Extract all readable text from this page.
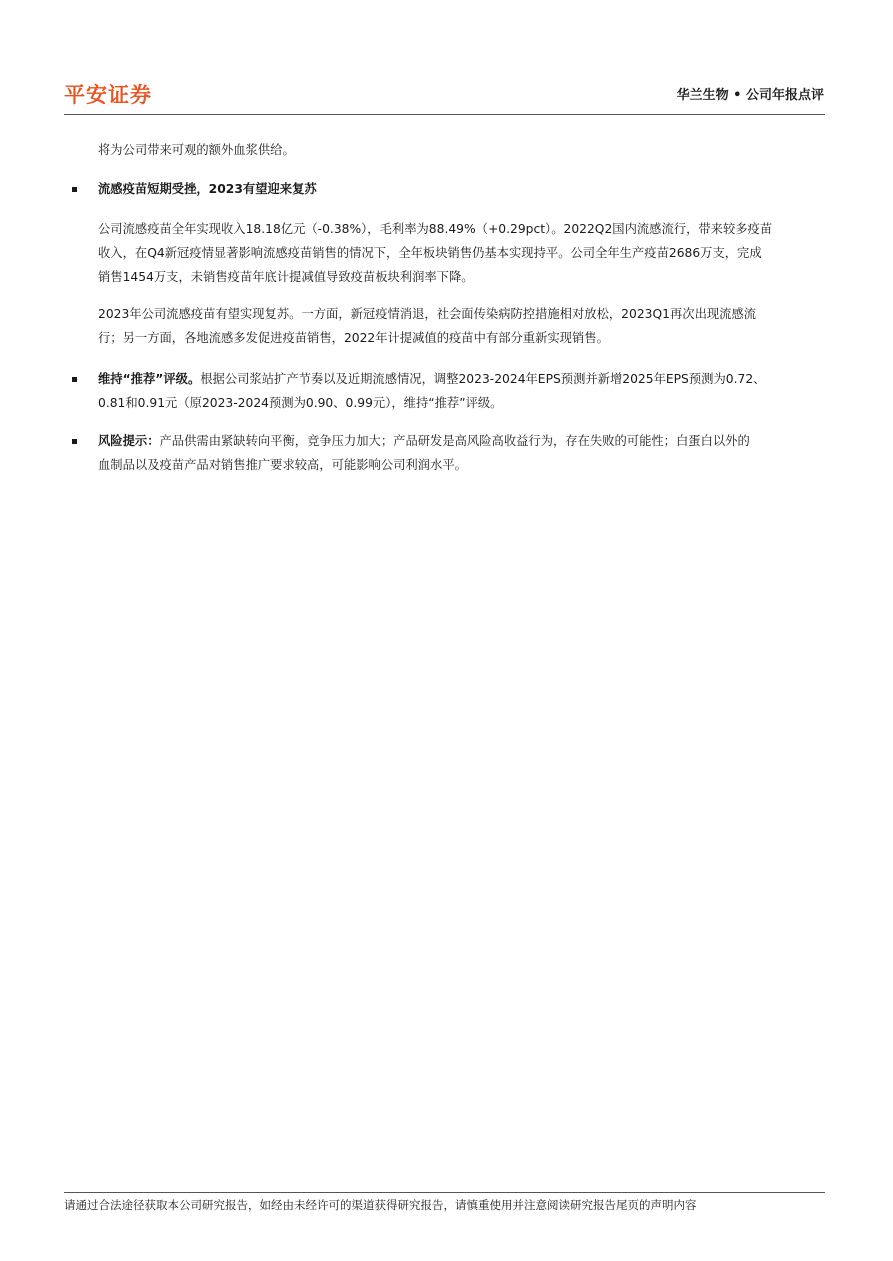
平安证券	华兰生物 • 公司年报点评

将为公司带来可观的额外血浆供给。

流感疫苗短期受挫，2023有望迎来复苏

公司流感疫苗全年实现收入18.18亿元（-0.38%），毛利率为88.49%（+0.29pct）。2022Q2国内流感流行，带来较多疫苗
收入，在Q4新冠疫情显著影响流感疫苗销售的情况下，全年板块销售仍基本实现持平。公司全年生产疫苗2686万支，完成
销售1454万支，未销售疫苗年底计提减值导致疫苗板块利润率下降。

2023年公司流感疫苗有望实现复苏。一方面，新冠疫情消退，社会面传染病防控措施相对放松，2023Q1再次出现流感流
行；另一方面，各地流感多发促进疫苗销售，2022年计提减值的疫苗中有部分重新实现销售。

维持“推荐”评级。根据公司浆站扩产节奏以及近期流感情况，调整2023-2024年EPS预测并新增2025年EPS预测为0.72、
0.81和0.91元（原2023-2024预测为0.90、0.99元），维持“推荐”评级。

风险提示：产品供需由紧缺转向平衡，竞争压力加大；产品研发是高风险高收益行为，存在失败的可能性；白蛋白以外的
血制品以及疫苗产品对销售推广要求较高，可能影响公司利润水平。

请通过合法途径获取本公司研究报告，如经由未经许可的渠道获得研究报告，请慎重使用并注意阅读研究报告尾页的声明内容
